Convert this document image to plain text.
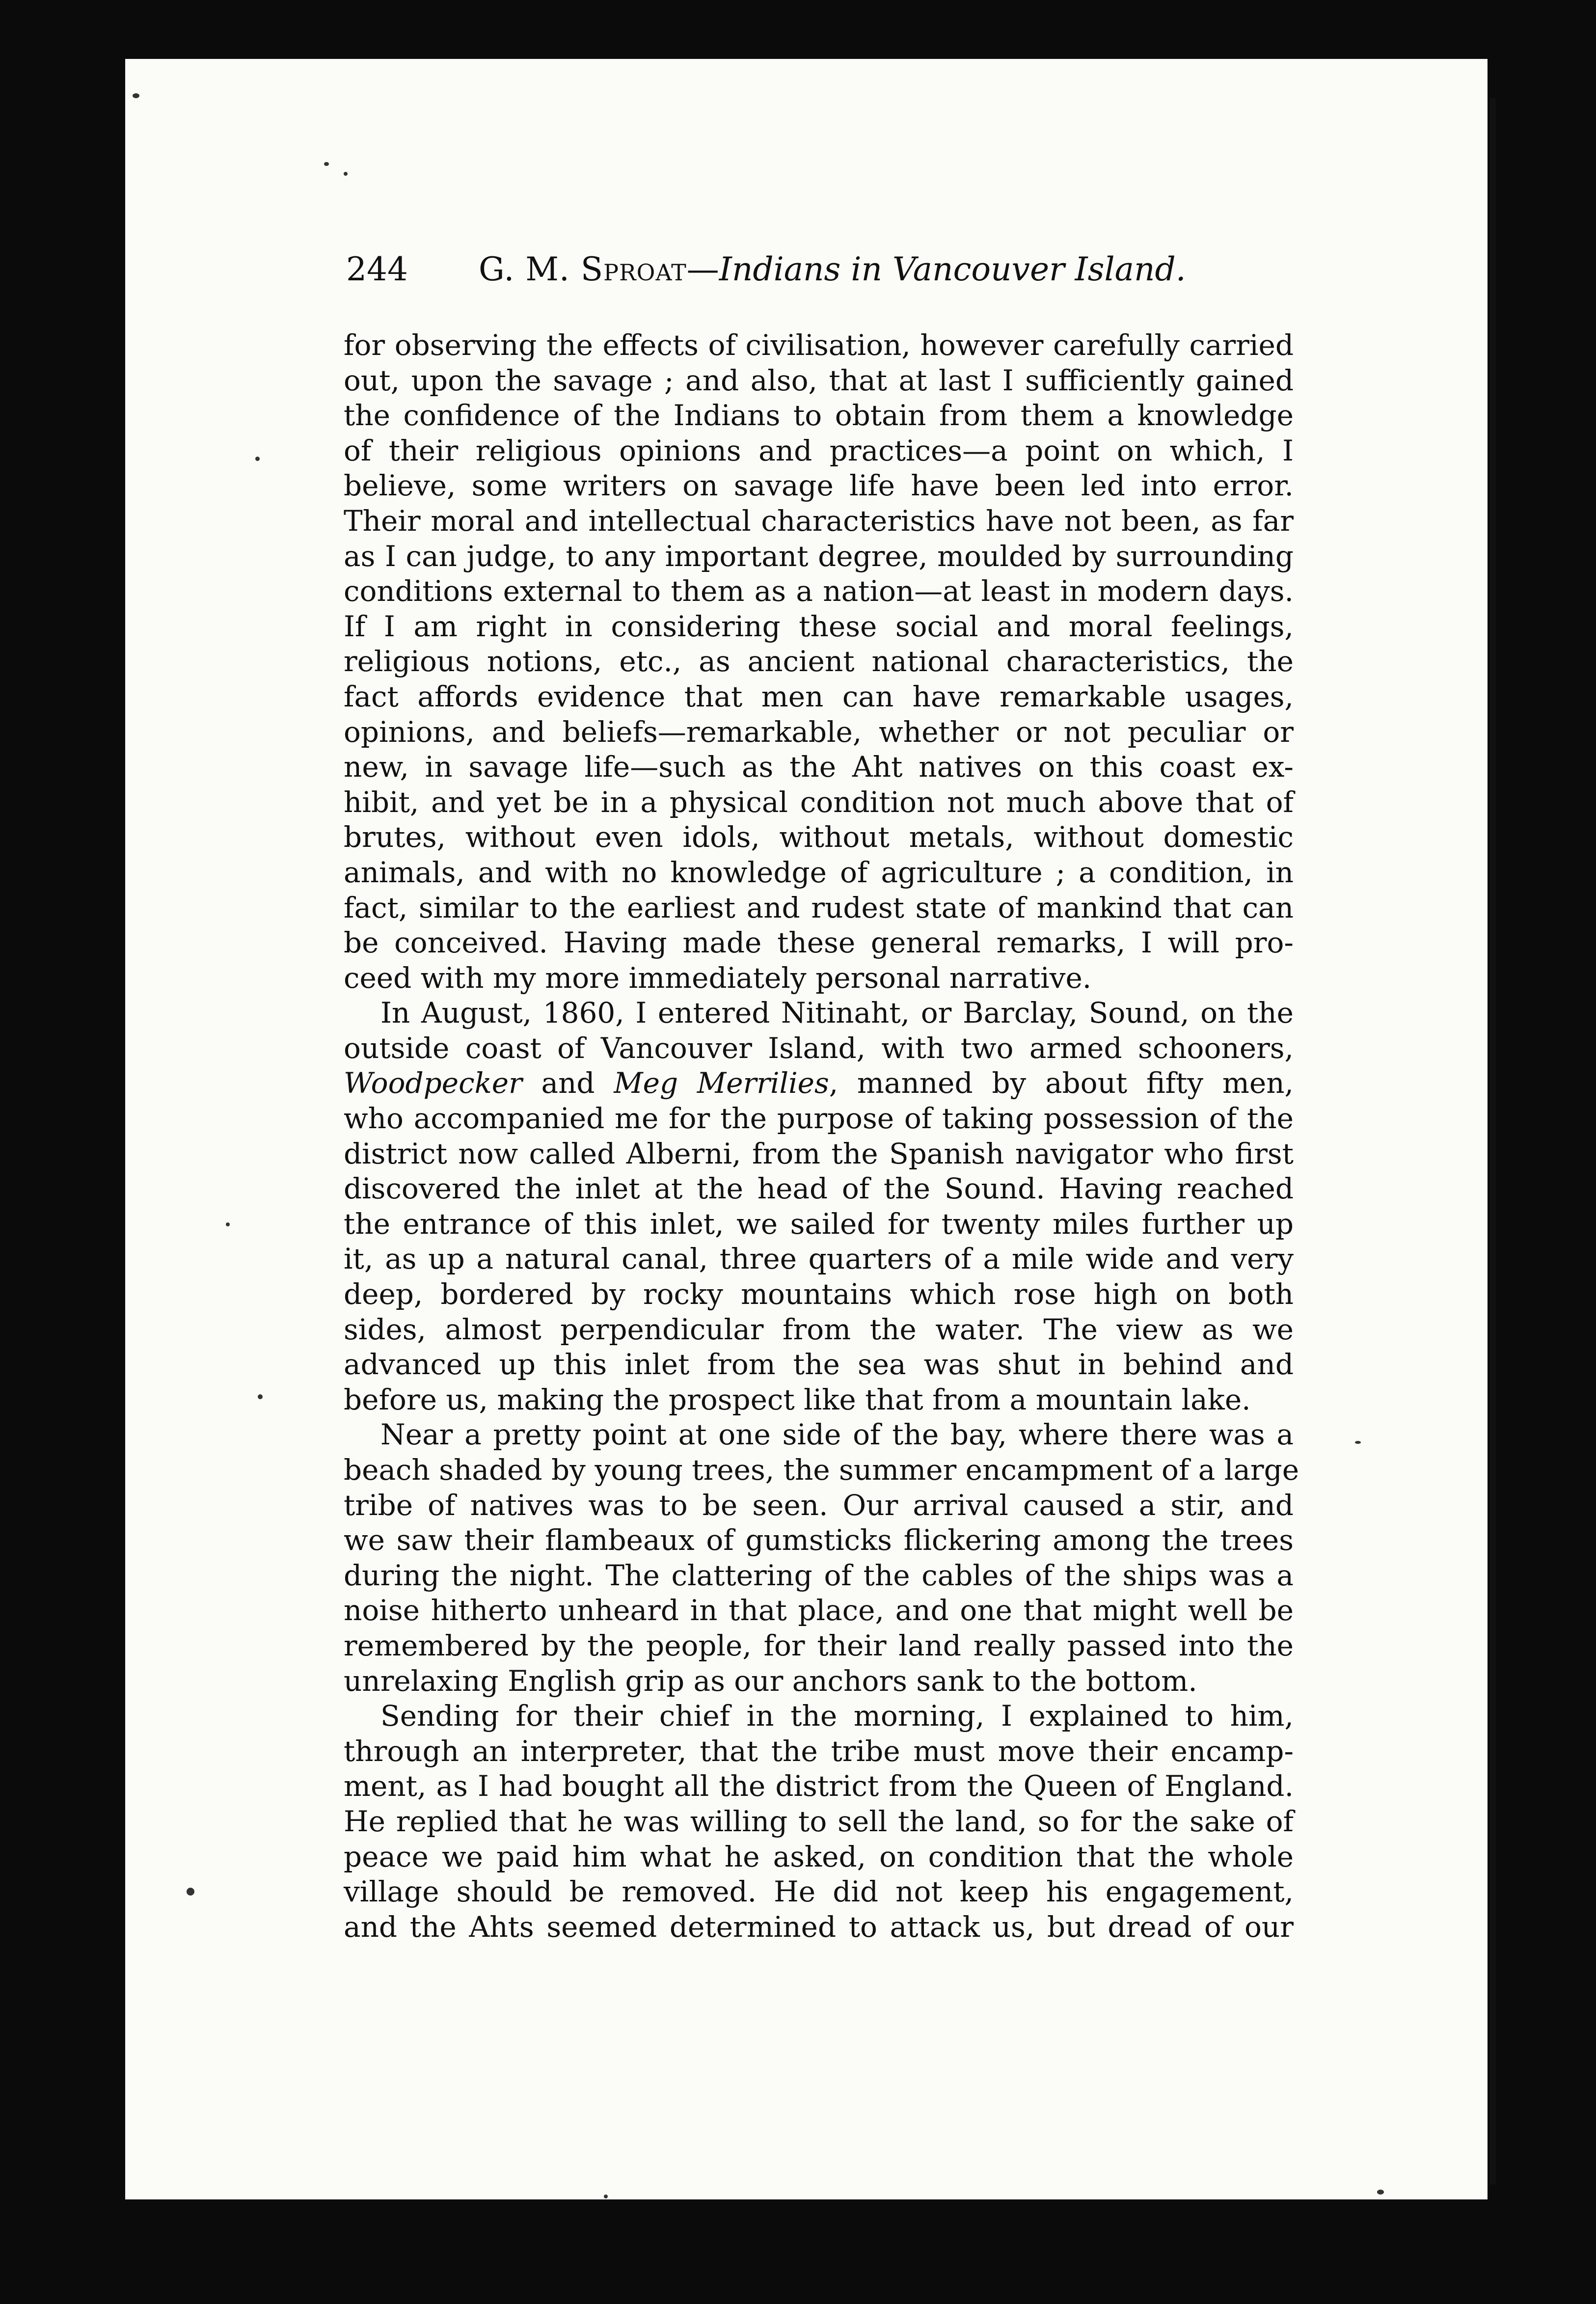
244 G. M. Sproat—Indians in Vancouver Island.
for observing the effects of civilisation, however carefully carried
out, upon the savage ; and also, that at last I sufficiently gained
the confidence of the Indians to obtain from them a knowledge
of their religious opinions and practices—a point on which, I
believe, some writers on savage life have been led into error.
Their moral and intellectual characteristics have not been, as far
as I can judge, to any important degree, moulded by surrounding
conditions external to them as a nation—at least in modern days.
If I am right in considering these social and moral feelings,
religious notions, etc., as ancient national characteristics, the
fact affords evidence that men can have remarkable usages,
opinions, and beliefs—remarkable, whether or not peculiar or
new, in savage life—such as the Aht natives on this coast ex-
hibit, and yet be in a physical condition not much above that of
brutes, without even idols, without metals, without domestic
animals, and with no knowledge of agriculture ; a condition, in
fact, similar to the earliest and rudest state of mankind that can
be conceived. Having made these general remarks, I will pro-
ceed with my more immediately personal narrative.
In August, 1860, I entered Nitinaht, or Barclay, Sound, on the
outside coast of Vancouver Island, with two armed schooners,
Woodpecker and Meg Merrilies, manned by about fifty men,
who accompanied me for the purpose of taking possession of the
district now called Alberni, from the Spanish navigator who first
discovered the inlet at the head of the Sound. Having reached
the entrance of this inlet, we sailed for twenty miles further up
it, as up a natural canal, three quarters of a mile wide and very
deep, bordered by rocky mountains which rose high on both
sides, almost perpendicular from the water. The view as we
advanced up this inlet from the sea was shut in behind and
before us, making the prospect like that from a mountain lake.
Near a pretty point at one side of the bay, where there was a
beach shaded by young trees, the summer encampment of a large
tribe of natives was to be seen. Our arrival caused a stir, and
we saw their flambeaux of gumsticks flickering among the trees
during the night. The clattering of the cables of the ships was a
noise hitherto unheard in that place, and one that might well be
remembered by the people, for their land really passed into the
unrelaxing English grip as our anchors sank to the bottom.
Sending for their chief in the morning, I explained to him,
through an interpreter, that the tribe must move their encamp-
ment, as I had bought all the district from the Queen of England.
He replied that he was willing to sell the land, so for the sake of
peace we paid him what he asked, on condition that the whole
village should be removed. He did not keep his engagement,
and the Ahts seemed determined to attack us, but dread of our
